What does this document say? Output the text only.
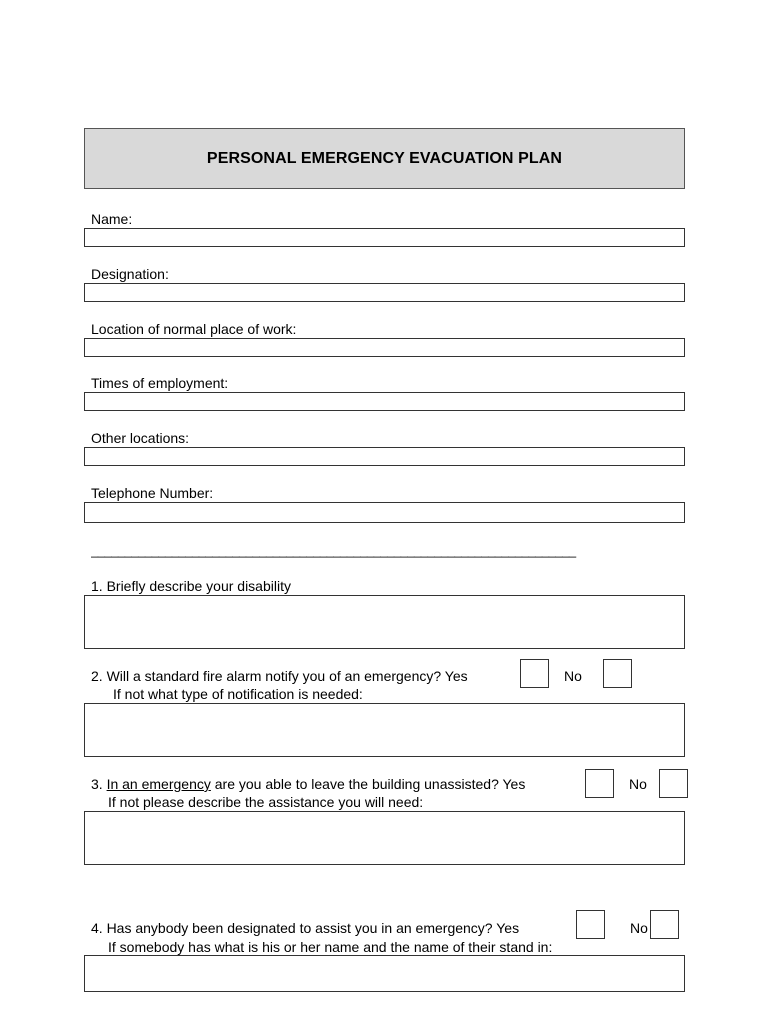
PERSONAL EMERGENCY EVACUATION PLAN
Name:
Designation:
Location of normal place of work:
Times of employment:
Other locations:
Telephone Number:
________________________________________________________________________
1. Briefly describe your disability
2. Will a standard fire alarm notify you of an emergency? Yes	No
If not what type of notification is needed:
3. In an emergency are you able to leave the building unassisted? Yes	No
If not please describe the assistance you will need:
4. Has anybody been designated to assist you in an emergency? Yes	No
If somebody has what is his or her name and the name of their stand in:
